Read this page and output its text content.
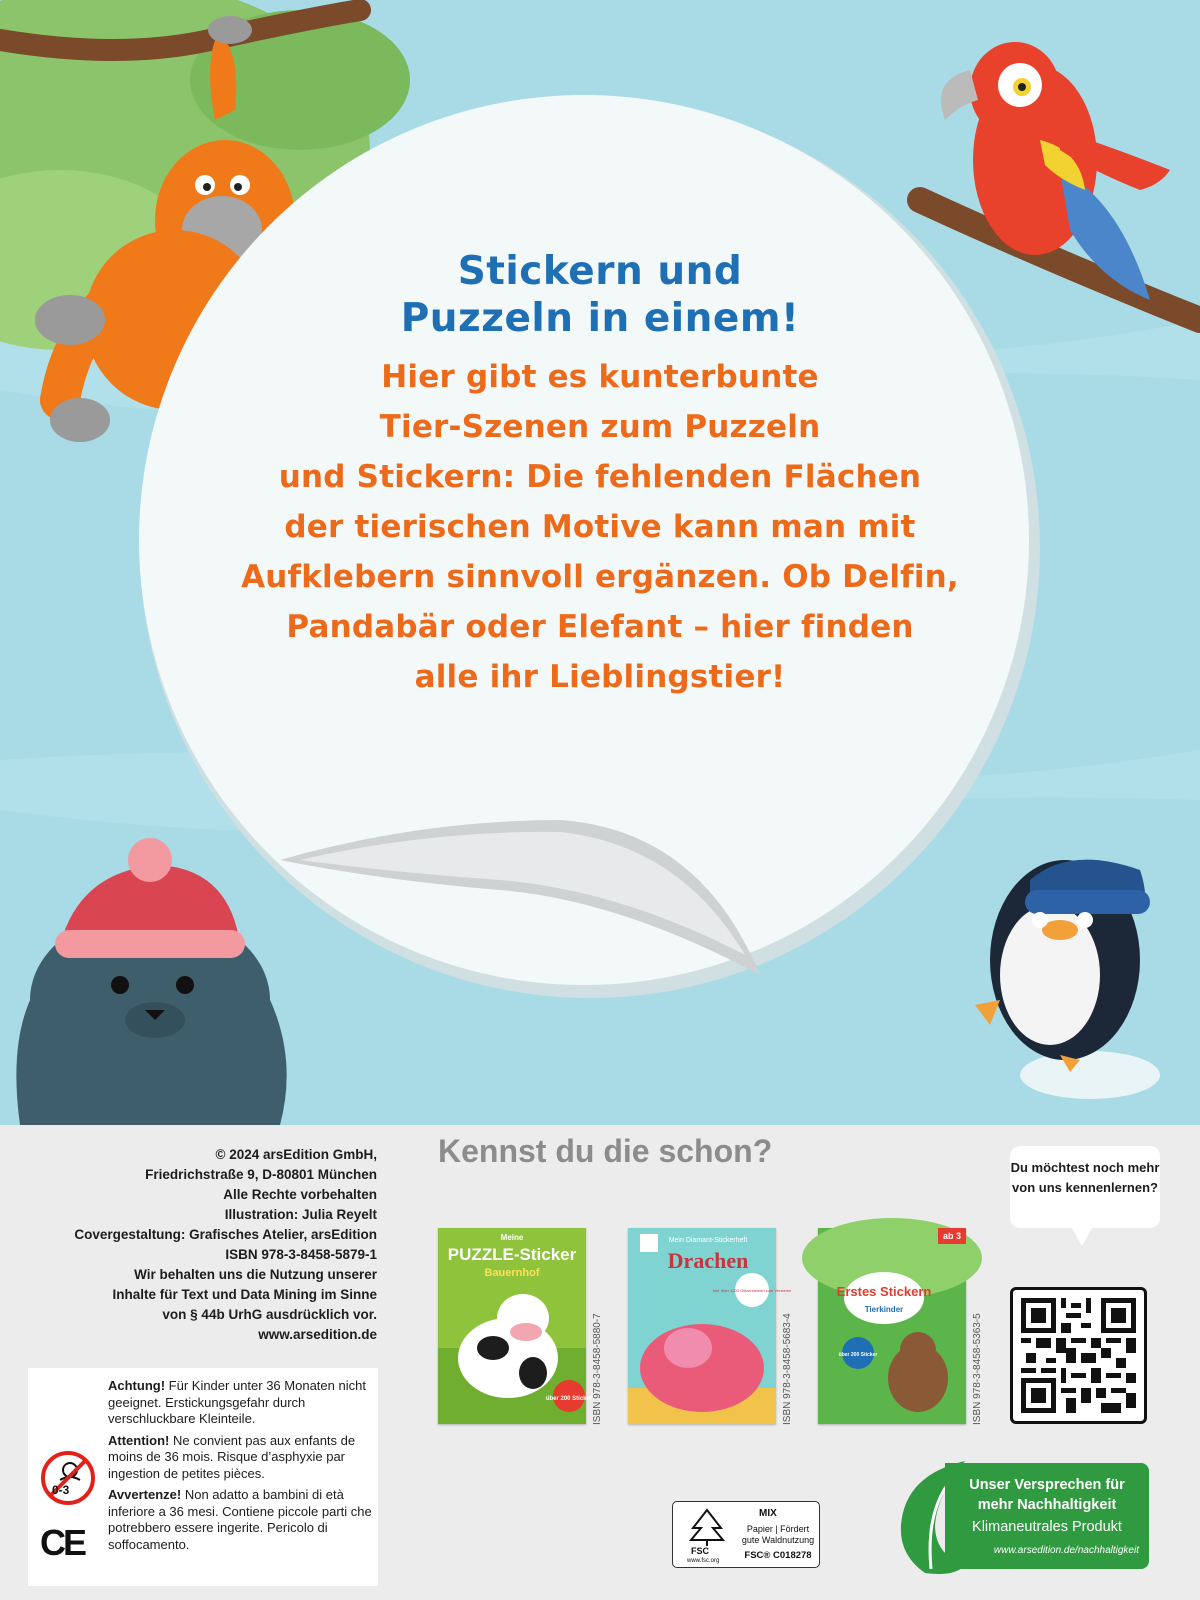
Stickern und
Puzzeln in einem!
Hier gibt es kunterbunte
Tier-Szenen zum Puzzeln
und Stickern: Die fehlenden Flächen
der tierischen Motive kann man mit
Aufklebern sinnvoll ergänzen. Ob Delfin,
Pandabär oder Elefant – hier finden
alle ihr Lieblingstier!
© 2024 arsEdition GmbH,
Friedrichstraße 9, D-80801 München
Alle Rechte vorbehalten
Illustration: Julia Reyelt
Covergestaltung: Grafisches Atelier, arsEdition
ISBN 978-3-8458-5879-1
Wir behalten uns die Nutzung unserer
Inhalte für Text und Data Mining im Sinne
von § 44b UrhG ausdrücklich vor.
www.arsedition.de
0-3
CE

Achtung! Für Kinder unter 36 Monaten nicht geeignet. Erstickungsgefahr durch verschluckbare Kleinteile.

Attention! Ne convient pas aux enfants de moins de 36 mois. Risque d’asphyxie par ingestion de petites pièces.

Avvertenze! Non adatto a bambini di età inferiore a 36 mesi. Contiene piccole parti che potrebbero essere ingerite. Pericolo di soffocamento.

Kennst du die schon?
Meine
PUZZLE-Sticker
Bauernhof
über 200 Sticker ISBN 978-3-8458-5880-7
Mein Diamant-Stickerheft
Drachen
inkl. über 1200 Glitzersteinen zum Verzieren
ISBN 978-3-8458-5683-4
ab 3
Erstes Stickern
Tierkinder
über 200 Sticker	ISBN 978-3-8458-5363-5
Du möchtest noch mehr von uns kennenlernen?
FSC
www.fsc.org
MIX
Papier | Fördert gute Waldnutzung
FSC® C018278
Unser Versprechen für
mehr Nachhaltigkeit
Klimaneutrales Produkt
www.arsedition.de/nachhaltigkeit
